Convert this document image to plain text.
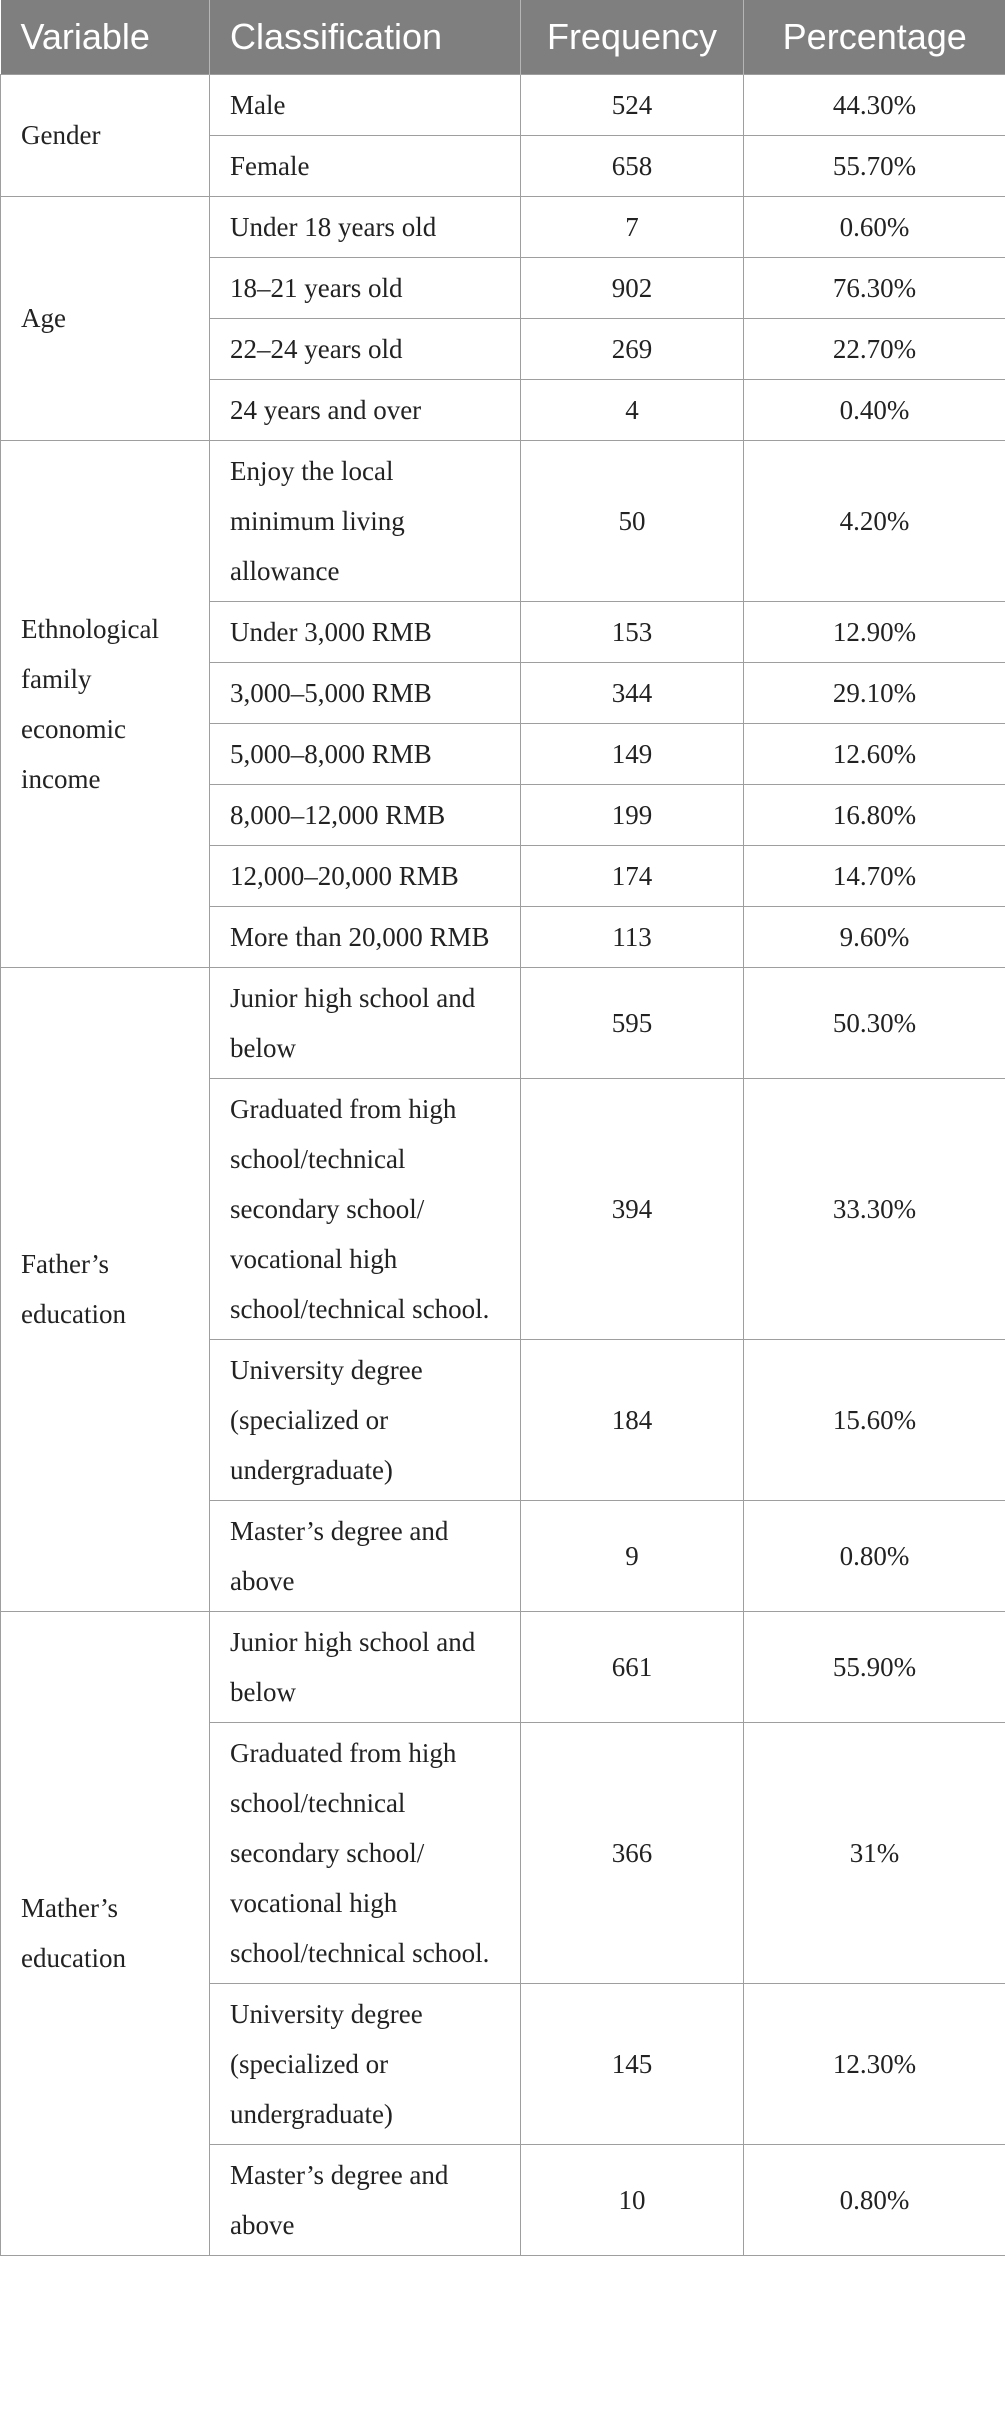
Variable	Classification	Frequency	Percentage
Gender	Male	524	44.30%
	Female	658	55.70%
Age	Under 18 years old	7	0.60%
	18–21 years old	902	76.30%
	22–24 years old	269	22.70%
	24 years and over	4	0.40%
Ethnological family economic income	Enjoy the local minimum living allowance	50	4.20%
	Under 3,000 RMB	153	12.90%
	3,000–5,000 RMB	344	29.10%
	5,000–8,000 RMB	149	12.60%
	8,000–12,000 RMB	199	16.80%
	12,000–20,000 RMB	174	14.70%
	More than 20,000 RMB	113	9.60%
Father’s education	Junior high school and below	595	50.30%
	Graduated from high school/technical secondary school/ vocational high school/technical school.	394	33.30%
	University degree (specialized or undergraduate)	184	15.60%
	Master’s degree and above	9	0.80%
Mather’s education	Junior high school and below	661	55.90%
	Graduated from high school/technical secondary school/ vocational high school/technical school.	366	31%
	University degree (specialized or undergraduate)	145	12.30%
	Master’s degree and above	10	0.80%
